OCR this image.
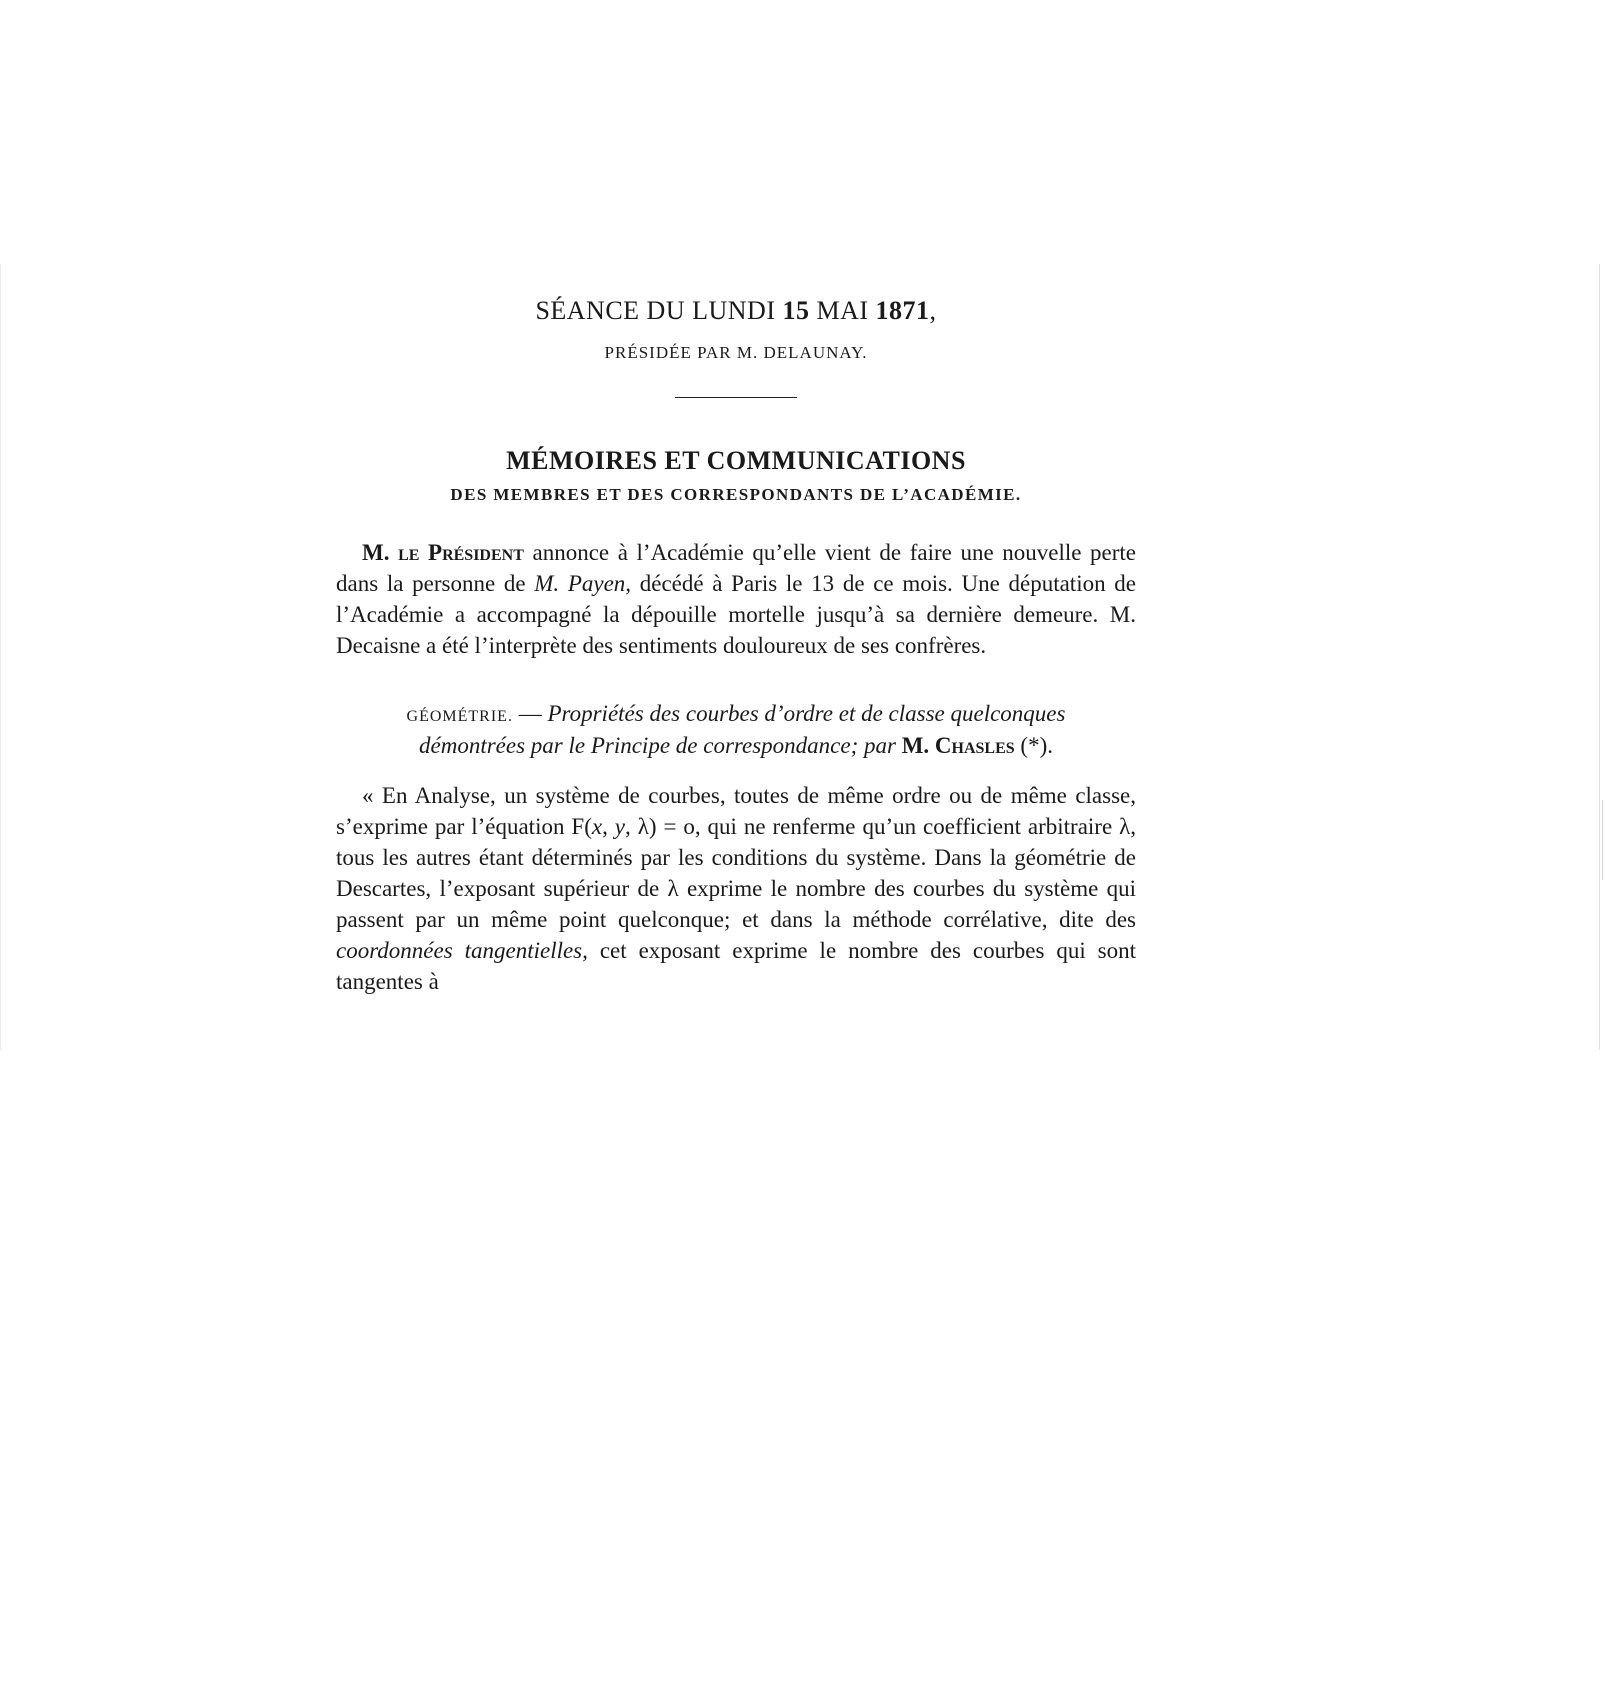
SÉANCE DU LUNDI 15 MAI 1871,
PRÉSIDÉE PAR M. DELAUNAY.
MÉMOIRES ET COMMUNICATIONS
DES MEMBRES ET DES CORRESPONDANTS DE L’ACADÉMIE.

M. le Président annonce à l’Académie qu’elle vient de faire une nouvelle perte dans la personne de M. Payen, décédé à Paris le 13 de ce mois. Une députation de l’Académie a accompagné la dépouille mortelle jusqu’à sa dernière demeure. M. Decaisne a été l’interprète des sentiments douloureux de ses confrères.

GÉOMÉTRIE. — Propriétés des courbes d’ordre et de classe quelconques
démontrées par le Principe de correspondance; par M. Chasles (*).

« En Analyse, un système de courbes, toutes de même ordre ou de même classe, s’exprime par l’équation F(x, y, λ) = o, qui ne renferme qu’un coefficient arbitraire λ, tous les autres étant déterminés par les conditions du système. Dans la géométrie de Descartes, l’exposant supérieur de λ exprime le nombre des courbes du système qui passent par un même point quelconque; et dans la méthode corrélative, dite des coordonnées tangentielles, cet exposant exprime le nombre des courbes qui sont tangentes à
